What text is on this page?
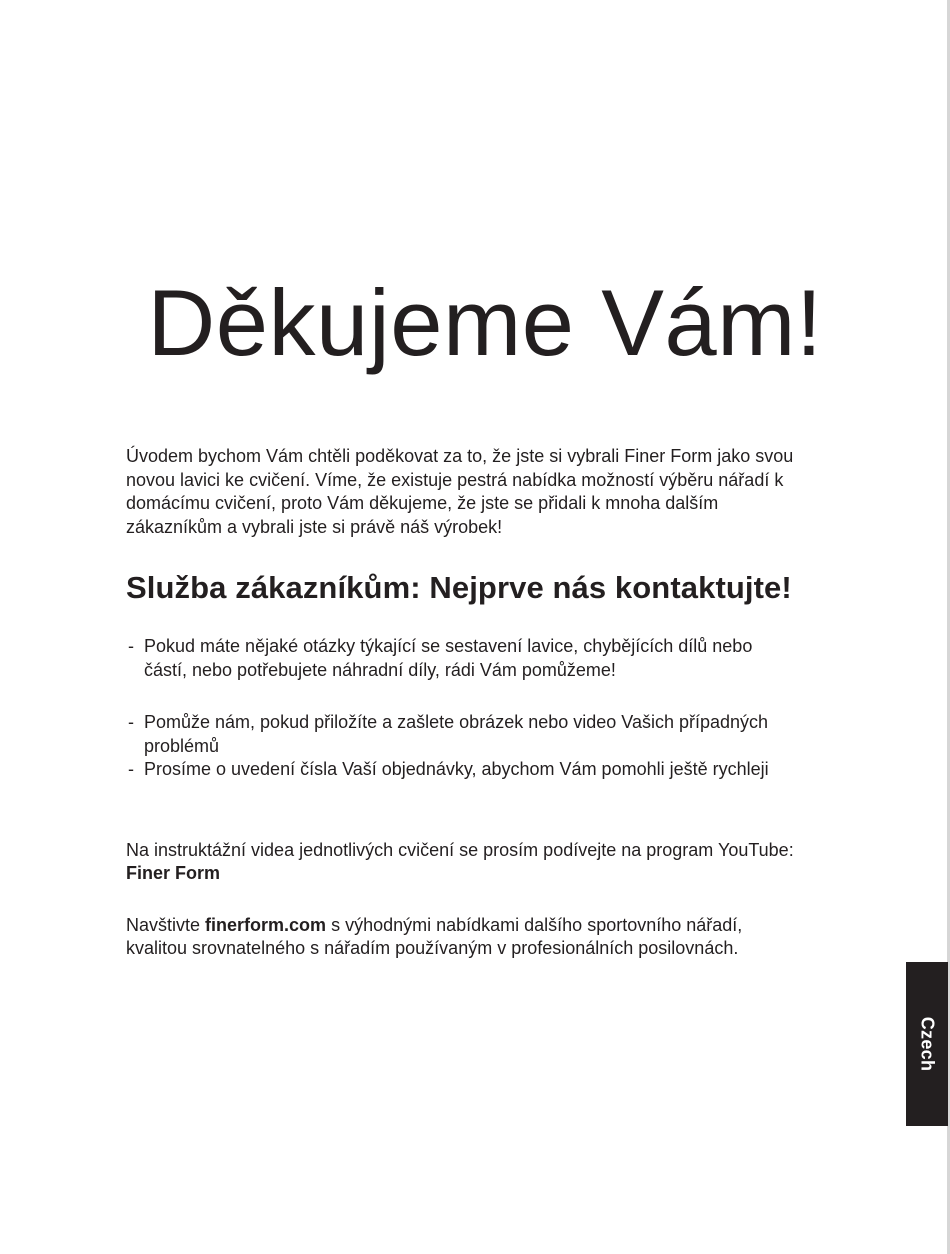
Děkujeme Vám!

Úvodem bychom Vám chtěli poděkovat za to, že jste si vybrali Finer Form jako svou
novou lavici ke cvičení. Víme, že existuje pestrá nabídka možností výběru nářadí k
domácímu cvičení, proto Vám děkujeme, že jste se přidali k mnoha dalším
zákazníkům a vybrali jste si právě náš výrobek!

Služba zákazníkům: Nejprve nás kontaktujte!
- Pokud máte nějaké otázky týkající se sestavení lavice, chybějících dílů nebo
částí, nebo potřebujete náhradní díly, rádi Vám pomůžeme!
- Pomůže nám, pokud přiložíte a zašlete obrázek nebo video Vašich případných
problémů
- Prosíme o uvedení čísla Vaší objednávky, abychom Vám pomohli ještě rychleji

Na instruktážní videa jednotlivých cvičení se prosím podívejte na program YouTube:
Finer Form

Navštivte finerform.com s výhodnými nabídkami dalšího sportovního nářadí,
kvalitou srovnatelného s nářadím používaným v profesionálních posilovnách.

Czech
